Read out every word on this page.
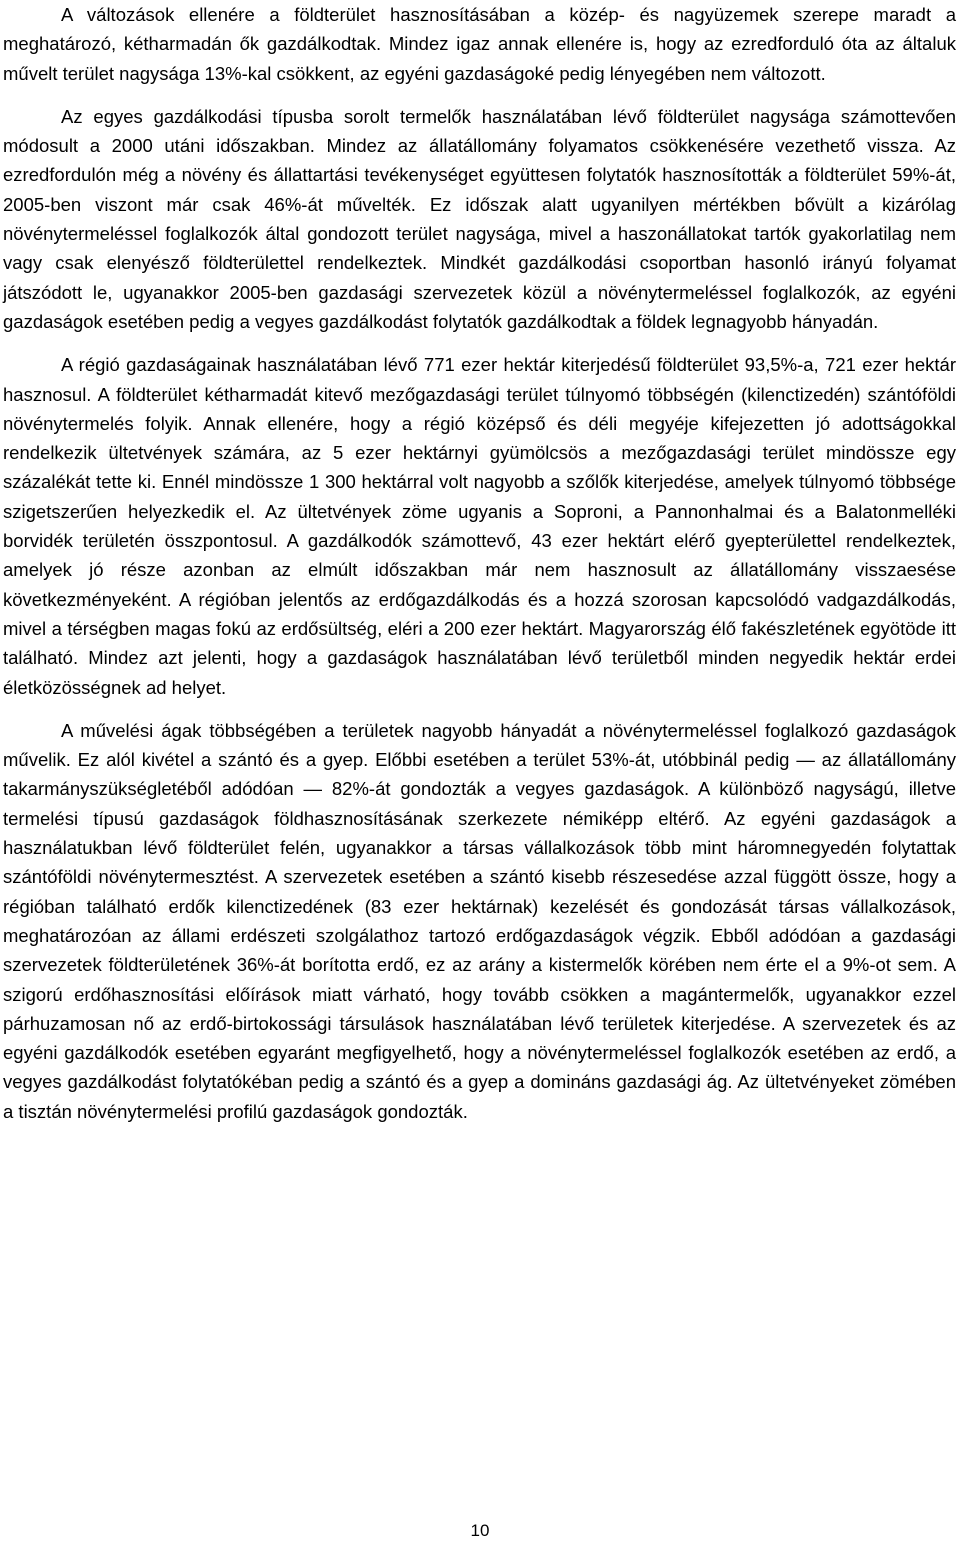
A változások ellenére a földterület hasznosításában a közép- és nagyüzemek szerepe maradt a meghatározó, kétharmadán ők gazdálkodtak. Mindez igaz annak ellenére is, hogy az ezredforduló óta az általuk művelt terület nagysága 13%-kal csökkent, az egyéni gazdaságoké pedig lényegében nem változott.

Az egyes gazdálkodási típusba sorolt termelők használatában lévő földterület nagysága számottevően módosult a 2000 utáni időszakban. Mindez az állatállomány folyamatos csökkenésére vezethető vissza. Az ezredfordulón még a növény és állattartási tevékenységet együttesen folytatók hasznosították a földterület 59%-át, 2005-ben viszont már csak 46%-át művelték. Ez időszak alatt ugyanilyen mértékben bővült a kizárólag növénytermeléssel foglalkozók által gondozott terület nagysága, mivel a haszonállatokat tartók gyakorlatilag nem vagy csak elenyésző földterülettel rendelkeztek. Mindkét gazdálkodási csoportban hasonló irányú folyamat játszódott le, ugyanakkor 2005-ben gazdasági szervezetek közül a növénytermeléssel foglalkozók, az egyéni gazdaságok esetében pedig a vegyes gazdálkodást folytatók gazdálkodtak a földek legnagyobb hányadán.

A régió gazdaságainak használatában lévő 771 ezer hektár kiterjedésű földterület 93,5%-a, 721 ezer hektár hasznosul. A földterület kétharmadát kitevő mezőgazdasági terület túlnyomó többségén (kilenctizedén) szántóföldi növénytermelés folyik. Annak ellenére, hogy a régió középső és déli megyéje kifejezetten jó adottságokkal rendelkezik ültetvények számára, az 5 ezer hektárnyi gyümölcsös a mezőgazdasági terület mindössze egy százalékát tette ki. Ennél mindössze 1 300 hektárral volt nagyobb a szőlők kiterjedése, amelyek túlnyomó többsége szigetszerűen helyezkedik el. Az ültetvények zöme ugyanis a Soproni, a Pannonhalmai és a Balatonmelléki borvidék területén összpontosul. A gazdálkodók számottevő, 43 ezer hektárt elérő gyepterülettel rendelkeztek, amelyek jó része azonban az elmúlt időszakban már nem hasznosult az állatállomány visszaesése következményeként. A régióban jelentős az erdőgazdálkodás és a hozzá szorosan kapcsolódó vadgazdálkodás, mivel a térségben magas fokú az erdősültség, eléri a 200 ezer hektárt. Magyarország élő fakészletének egyötöde itt található. Mindez azt jelenti, hogy a gazdaságok használatában lévő területből minden negyedik hektár erdei életközösségnek ad helyet.

A művelési ágak többségében a területek nagyobb hányadát a növénytermeléssel foglalkozó gazdaságok művelik. Ez alól kivétel a szántó és a gyep. Előbbi esetében a terület 53%-át, utóbbinál pedig — az állatállomány takarmányszükségletéből adódóan — 82%-át gondozták a vegyes gazdaságok. A különböző nagyságú, illetve termelési típusú gazdaságok földhasznosításának szerkezete némiképp eltérő. Az egyéni gazdaságok a használatukban lévő földterület felén, ugyanakkor a társas vállalkozások több mint háromnegyedén folytattak szántóföldi növénytermesztést. A szervezetek esetében a szántó kisebb részesedése azzal függött össze, hogy a régióban található erdők kilenctizedének (83 ezer hektárnak) kezelését és gondozását társas vállalkozások, meghatározóan az állami erdészeti szolgálathoz tartozó erdőgazdaságok végzik. Ebből adódóan a gazdasági szervezetek földterületének 36%-át borította erdő, ez az arány a kistermelők körében nem érte el a 9%-ot sem. A szigorú erdőhasznosítási előírások miatt várható, hogy tovább csökken a magántermelők, ugyanakkor ezzel párhuzamosan nő az erdő-birtokossági társulások használatában lévő területek kiterjedése. A szervezetek és az egyéni gazdálkodók esetében egyaránt megfigyelhető, hogy a növénytermeléssel foglalkozók esetében az erdő, a vegyes gazdálkodást folytatókéban pedig a szántó és a gyep a domináns gazdasági ág. Az ültetvényeket zömében a tisztán növénytermelési profilú gazdaságok gondozták.

10
